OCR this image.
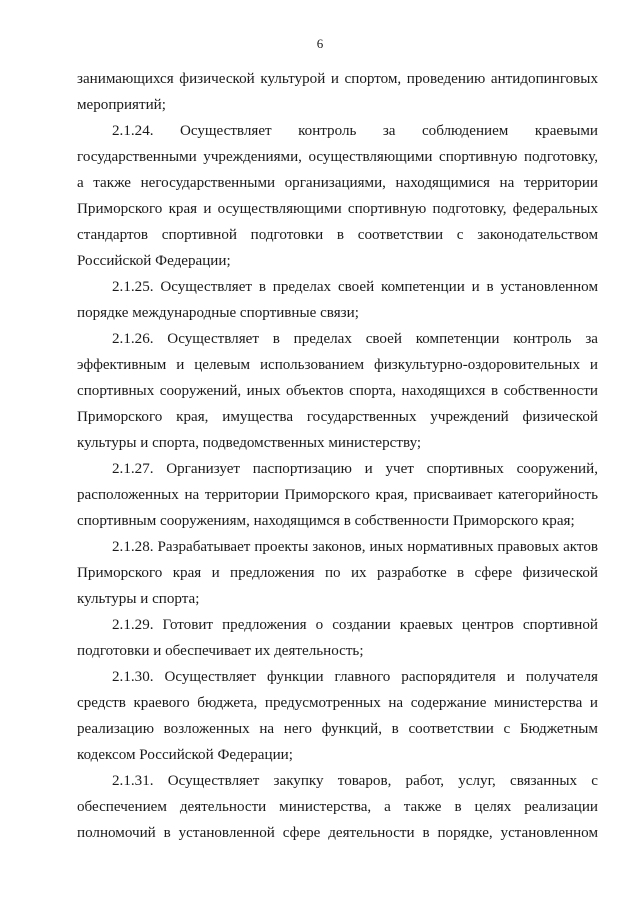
6
занимающихся физической культурой и спортом, проведению антидопинговых
мероприятий;
2.1.24. Осуществляет контроль за соблюдением краевыми
государственными учреждениями, осуществляющими спортивную подготовку,
а также негосударственными организациями, находящимися на территории
Приморского края и осуществляющими спортивную подготовку, федеральных
стандартов спортивной подготовки в соответствии с законодательством
Российской Федерации;
2.1.25. Осуществляет в пределах своей компетенции и в установленном
порядке международные спортивные связи;
2.1.26. Осуществляет в пределах своей компетенции контроль за
эффективным и целевым использованием физкультурно-оздоровительных и
спортивных сооружений, иных объектов спорта, находящихся в собственности
Приморского края, имущества государственных учреждений физической
культуры и спорта, подведомственных министерству;
2.1.27. Организует паспортизацию и учет спортивных сооружений,
расположенных на территории Приморского края, присваивает категорийность
спортивным сооружениям, находящимся в собственности Приморского края;
2.1.28. Разрабатывает проекты законов, иных нормативных правовых актов
Приморского края и предложения по их разработке в сфере физической
культуры и спорта;
2.1.29. Готовит предложения о создании краевых центров спортивной
подготовки и обеспечивает их деятельность;
2.1.30. Осуществляет функции главного распорядителя и получателя
средств краевого бюджета, предусмотренных на содержание министерства и
реализацию возложенных на него функций, в соответствии с Бюджетным
кодексом Российской Федерации;
2.1.31. Осуществляет закупку товаров, работ, услуг, связанных с
обеспечением деятельности министерства, а также в целях реализации
полномочий в установленной сфере деятельности в порядке, установленном
